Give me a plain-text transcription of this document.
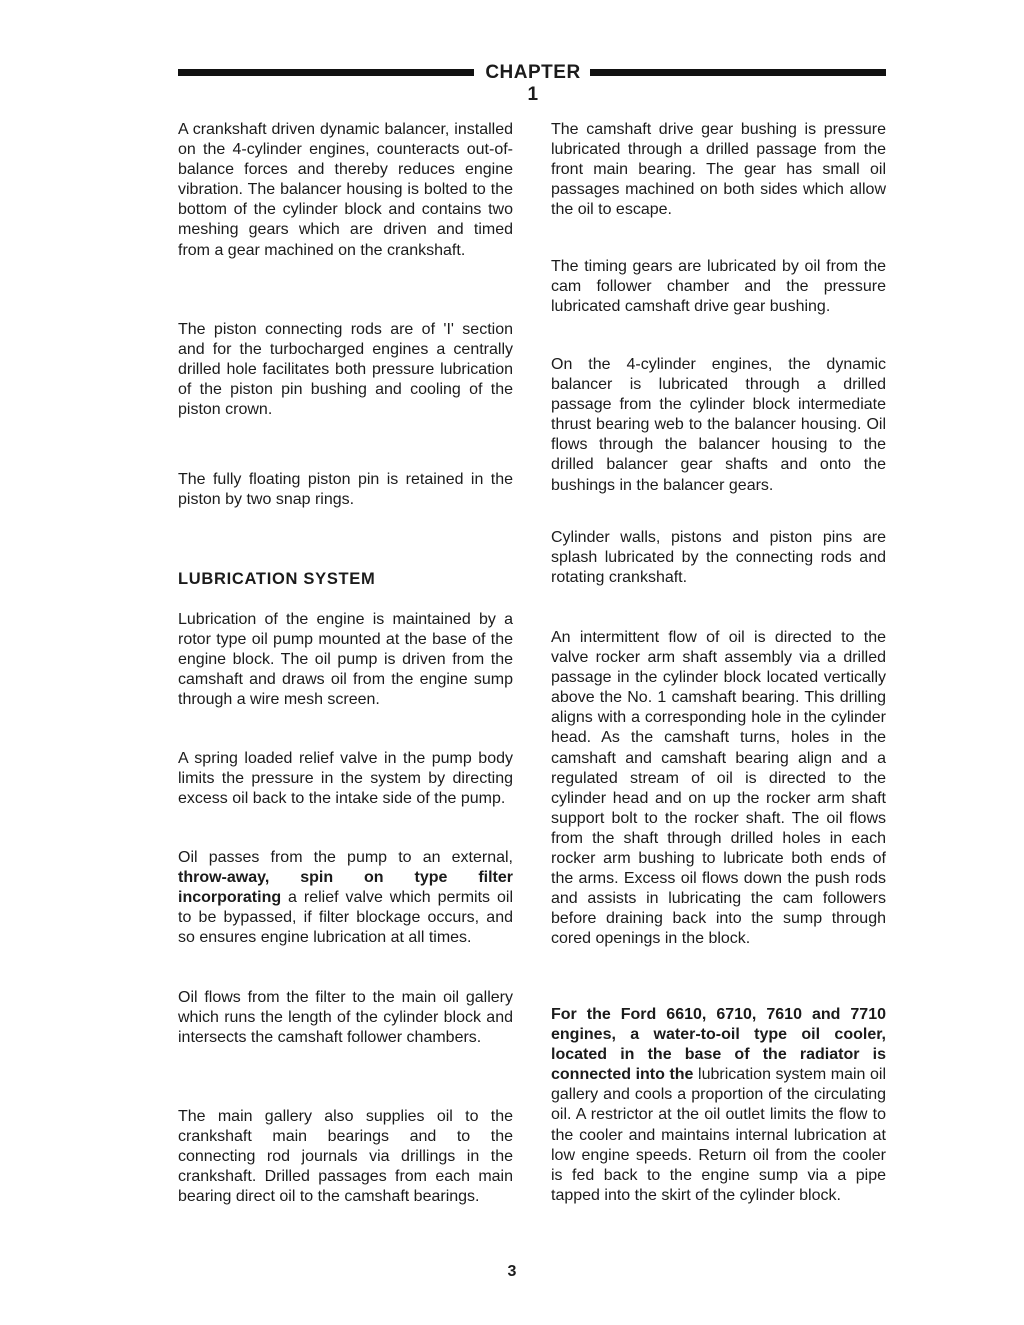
CHAPTER 1

A crankshaft driven dynamic balancer, installed on the 4-cylinder engines, counteracts out-of-balance forces and thereby reduces engine vibration. The balancer housing is bolted to the bottom of the cylinder block and contains two meshing gears which are driven and timed from a gear machined on the crankshaft.

The piston connecting rods are of 'I' section and for the turbocharged engines a centrally drilled hole facilitates both pressure lubrication of the piston pin bushing and cooling of the piston crown.

The fully floating piston pin is retained in the piston by two snap rings.

LUBRICATION SYSTEM

Lubrication of the engine is maintained by a rotor type oil pump mounted at the base of the engine block. The oil pump is driven from the camshaft and draws oil from the engine sump through a wire mesh screen.

A spring loaded relief valve in the pump body limits the pressure in the system by directing excess oil back to the intake side of the pump.

Oil passes from the pump to an external, throw-away, spin on type filter incorporating a relief valve which permits oil to be bypassed, if filter blockage occurs, and so ensures engine lubrication at all times.

Oil flows from the filter to the main oil gallery which runs the length of the cylinder block and intersects the camshaft follower chambers.

The main gallery also supplies oil to the crankshaft main bearings and to the connecting rod journals via drillings in the crankshaft. Drilled passages from each main bearing direct oil to the camshaft bearings.

The camshaft drive gear bushing is pressure lubricated through a drilled passage from the front main bearing. The gear has small oil passages machined on both sides which allow the oil to escape.

The timing gears are lubricated by oil from the cam follower chamber and the pressure lubricated camshaft drive gear bushing.

On the 4-cylinder engines, the dynamic balancer is lubricated through a drilled passage from the cylinder block intermediate thrust bearing web to the balancer housing. Oil flows through the balancer housing to the drilled balancer gear shafts and onto the bushings in the balancer gears.

Cylinder walls, pistons and piston pins are splash lubricated by the connecting rods and rotating crankshaft.

An intermittent flow of oil is directed to the valve rocker arm shaft assembly via a drilled passage in the cylinder block located vertically above the No. 1 camshaft bearing. This drilling aligns with a corresponding hole in the cylinder head. As the camshaft turns, holes in the camshaft and camshaft bearing align and a regulated stream of oil is directed to the cylinder head and on up the rocker arm shaft support bolt to the rocker shaft. The oil flows from the shaft through drilled holes in each rocker arm bushing to lubricate both ends of the arms. Excess oil flows down the push rods and assists in lubricating the cam followers before draining back into the sump through cored openings in the block.

For the Ford 6610, 6710, 7610 and 7710 engines, a water-to-oil type oil cooler, located in the base of the radiator is connected into the lubrication system main oil gallery and cools a proportion of the circulating oil. A restrictor at the oil outlet limits the flow to the cooler and maintains internal lubrication at low engine speeds. Return oil from the cooler is fed back to the engine sump via a pipe tapped into the skirt of the cylinder block.

3
